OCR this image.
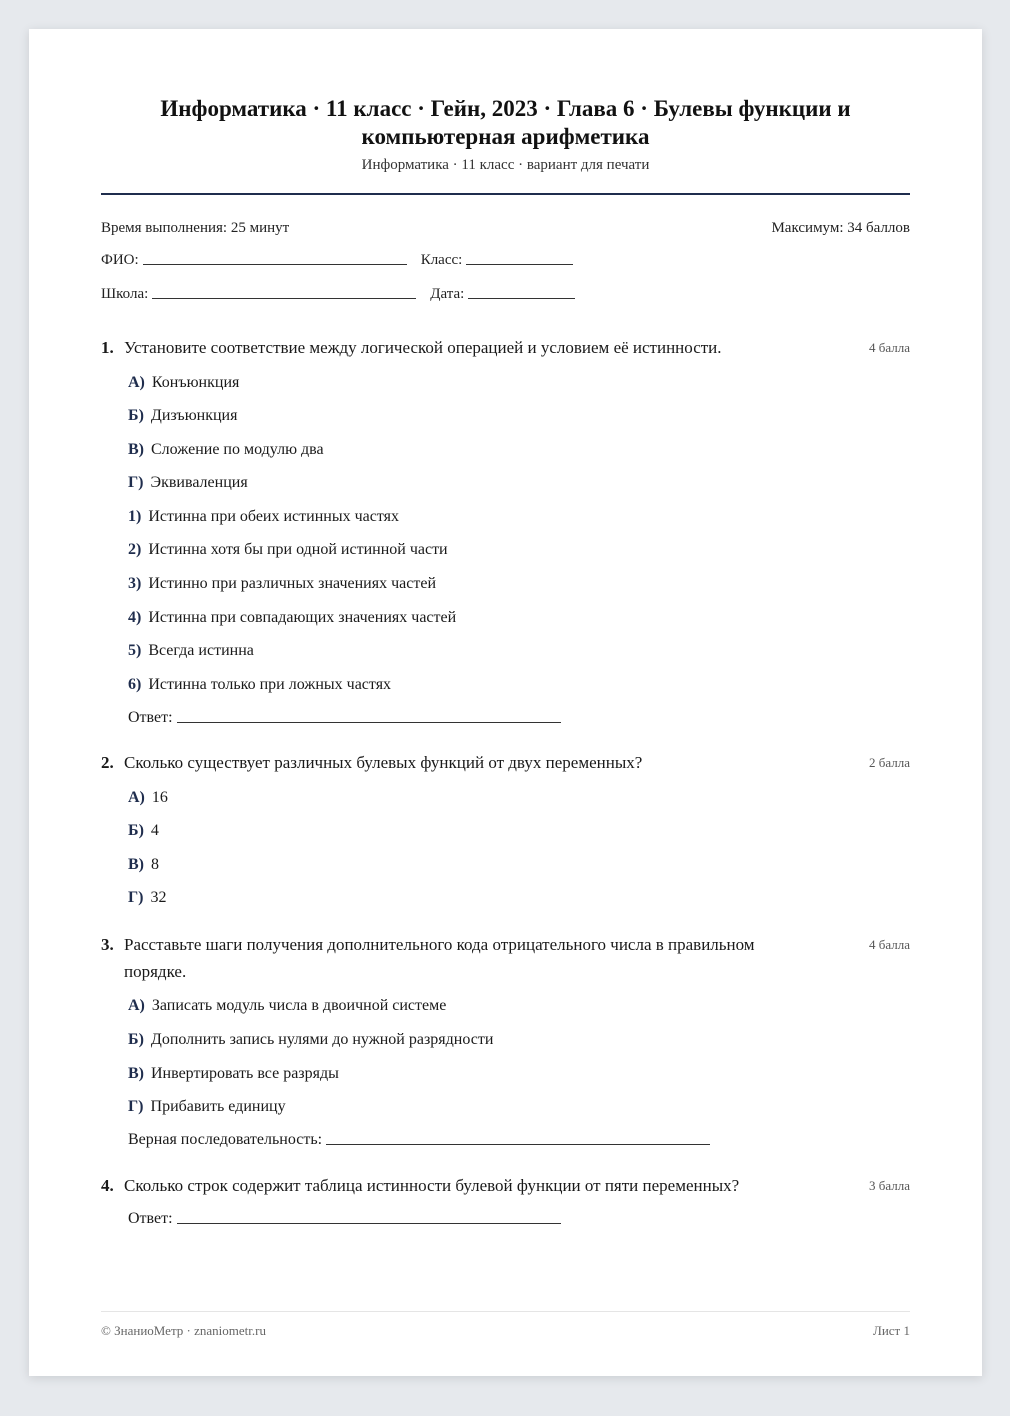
Информатика · 11 класс · Гейн, 2023 · Глава 6 · Булевы функции и компьютерная арифметика
Информатика · 11 класс · вариант для печати
Время выполнения: 25 минут	Максимум: 34 баллов
ФИО:	Класс:
Школа:	Дата:
1. Установите соответствие между логической операцией и условием её истинности.	4 балла
А) Конъюнкция
Б) Дизъюнкция
В) Сложение по модулю два
Г) Эквиваленция
1) Истинна при обеих истинных частях
2) Истинна хотя бы при одной истинной части
3) Истинно при различных значениях частей
4) Истинна при совпадающих значениях частей
5) Всегда истинна
6) Истинна только при ложных частях
Ответ:
2. Сколько существует различных булевых функций от двух переменных?	2 балла
А) 16
Б) 4
В) 8
Г) 32
3. Расставьте шаги получения дополнительного кода отрицательного числа в правильном порядке.
4 балла
А) Записать модуль числа в двоичной системе
Б) Дополнить запись нулями до нужной разрядности
В) Инвертировать все разряды
Г) Прибавить единицу
Верная последовательность:
4. Сколько строк содержит таблица истинности булевой функции от пяти переменных?	3 балла
Ответ:
© ЗнаниоМетр · znaniometr.ru	Лист 1
